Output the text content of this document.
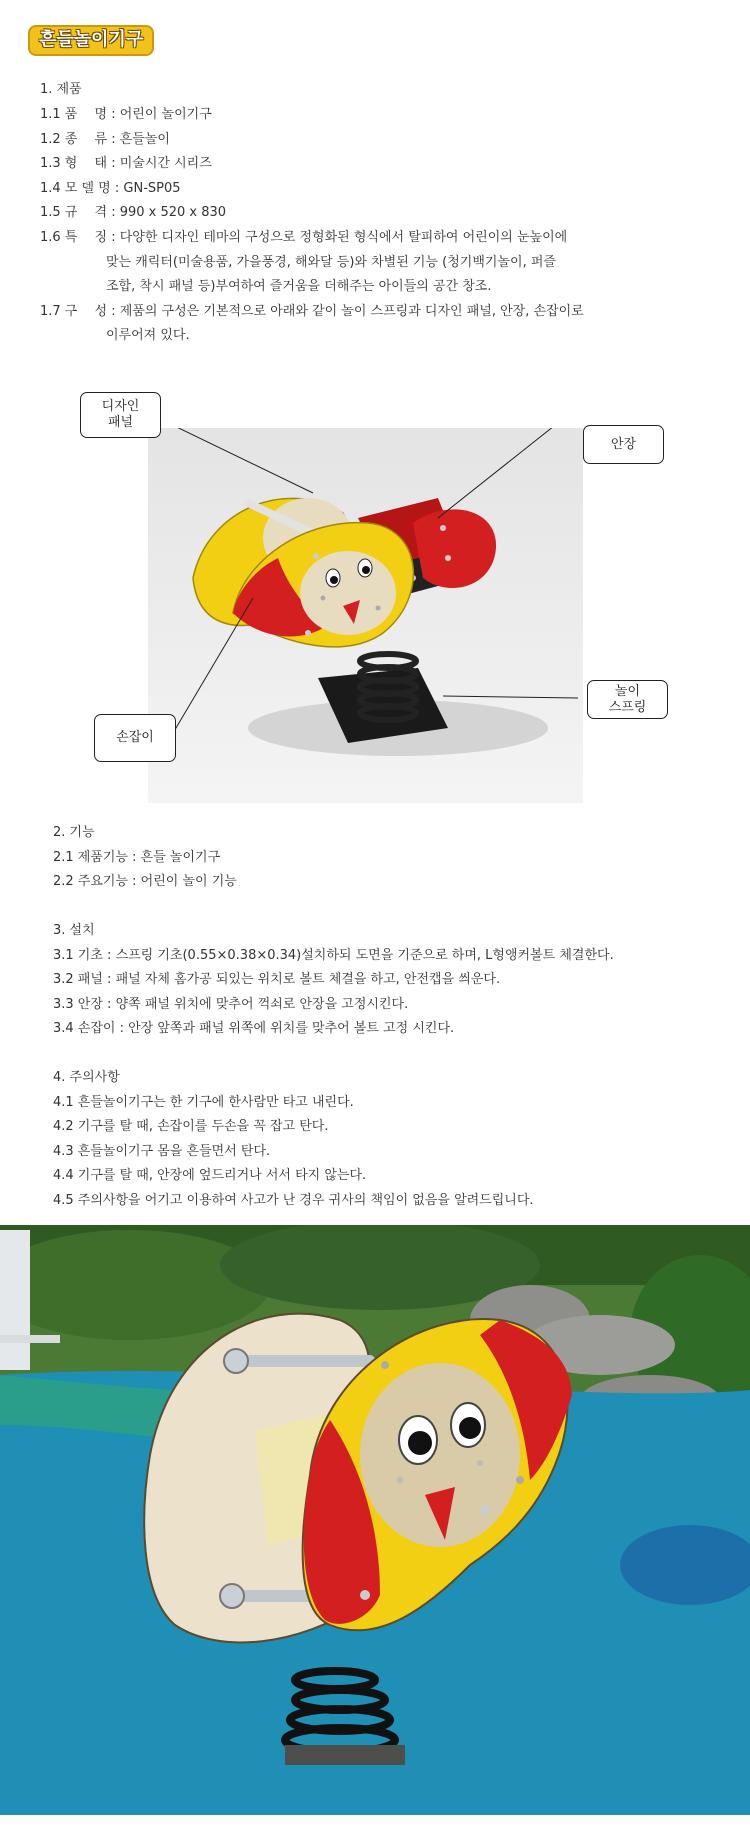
흔들놀이기구
1. 제품
1.1 품 　명 : 어린이 놀이기구
1.2 종 　류 : 흔들놀이
1.3 형 　태 : 미술시간 시리즈
1.4 모 델 명 : GN-SP05
1.5 규 　격 : 990 x 520 x 830
1.6 특 　징 : 다양한 디자인 테마의 구성으로 정형화된 형식에서 탈피하여 어린이의 눈높이에
맞는 캐릭터(미술용품, 가을풍경, 해와달 등)와 차별된 기능 (청기백기놀이, 퍼즐
조합, 착시 패널 등)부여하여 즐거움을 더해주는 아이들의 공간 창조.
1.7 구 　성 : 제품의 구성은 기본적으로 아래와 같이 놀이 스프링과 디자인 패널, 안장, 손잡이로
이루어져 있다.
디자인
패널
안장
놀이
스프링
손잡이
2. 기능
2.1 제품기능 : 흔들 놀이기구
2.2 주요기능 : 어린이 놀이 기능
3. 설치
3.1 기초 : 스프링 기초(0.55×0.38×0.34)설치하되 도면을 기준으로 하며, L형앵커볼트 체결한다.
3.2 패널 : 패널 자체 홈가공 되있는 위치로 볼트 체결을 하고, 안전캡을 씌운다.
3.3 안장 : 양쪽 패널 위치에 맞추어 꺽쇠로 안장을 고정시킨다.
3.4 손잡이 : 안장 앞쪽과 패널 위쪽에 위치를 맞추어 볼트 고정 시킨다.
4. 주의사항
4.1 흔들놀이기구는 한 기구에 한사람만 타고 내린다.
4.2 기구를 탈 때, 손잡이를 두손을 꼭 잡고 탄다.
4.3 흔들놀이기구 몸을 흔들면서 탄다.
4.4 기구를 탈 때, 안장에 엎드리거나 서서 타지 않는다.
4.5 주의사항을 어기고 이용하여 사고가 난 경우 귀사의 책임이 없음을 알려드립니다.
